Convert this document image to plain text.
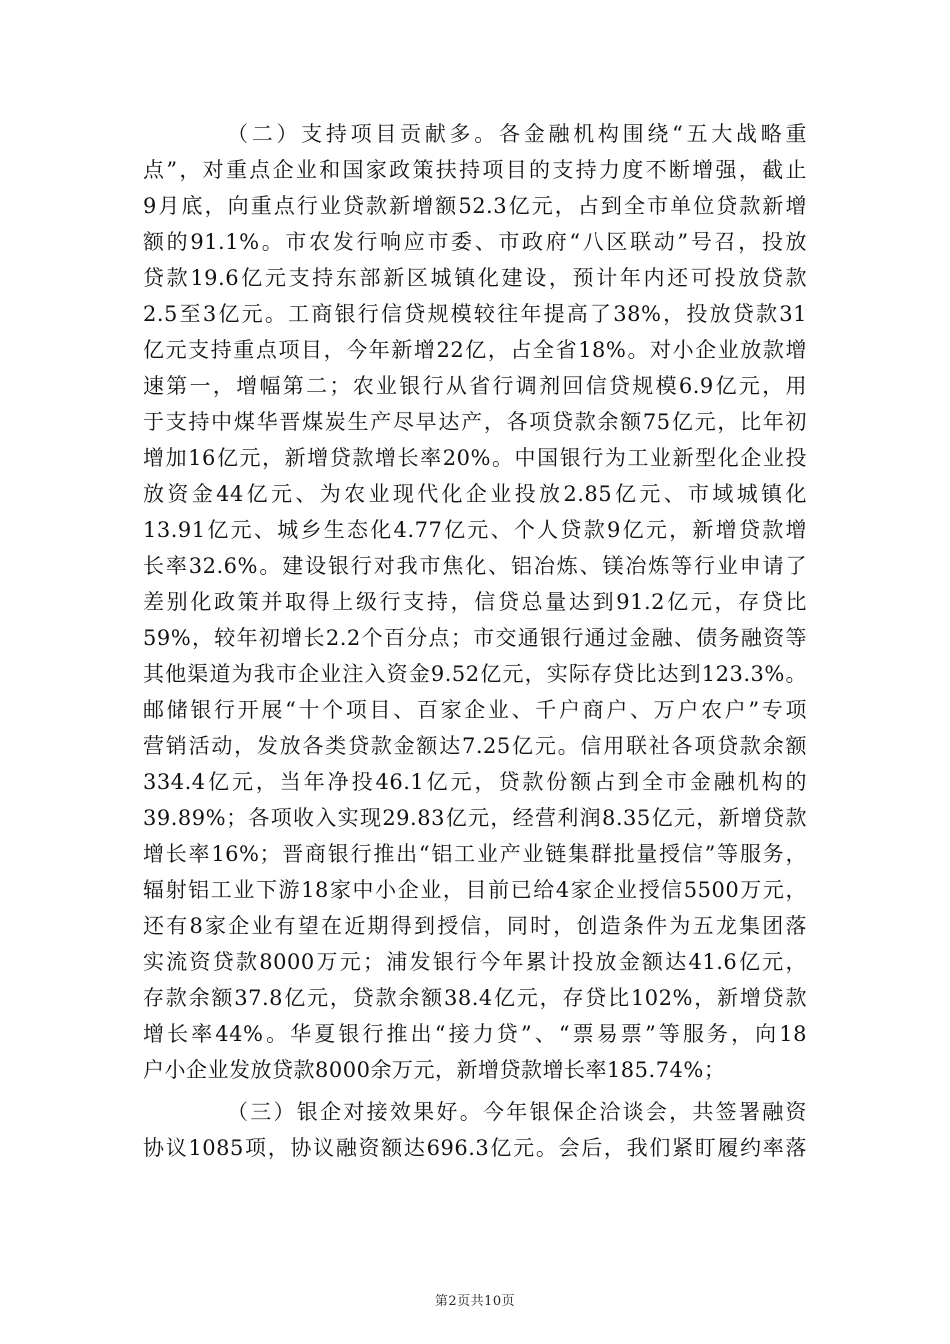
（二）支持项目贡献多。各金融机构围绕“五大战略重
点”，对重点企业和国家政策扶持项目的支持力度不断增强，截止
9月底，向重点行业贷款新增额52.3亿元，占到全市单位贷款新增
额的91.1%。市农发行响应市委、市政府“八区联动”号召，投放
贷款19.6亿元支持东部新区城镇化建设，预计年内还可投放贷款
2.5至3亿元。工商银行信贷规模较往年提高了38%，投放贷款31
亿元支持重点项目，今年新增22亿，占全省18%。对小企业放款增
速第一，增幅第二；农业银行从省行调剂回信贷规模6.9亿元，用
于支持中煤华晋煤炭生产尽早达产，各项贷款余额75亿元，比年初
增加16亿元，新增贷款增长率20%。中国银行为工业新型化企业投
放资金44亿元、为农业现代化企业投放2.85亿元、市域城镇化
13.91亿元、城乡生态化4.77亿元、个人贷款9亿元，新增贷款增
长率32.6%。建设银行对我市焦化、铝冶炼、镁冶炼等行业申请了
差别化政策并取得上级行支持，信贷总量达到91.2亿元，存贷比
59%，较年初增长2.2个百分点；市交通银行通过金融、债务融资等
其他渠道为我市企业注入资金9.52亿元，实际存贷比达到123.3%。
邮储银行开展“十个项目、百家企业、千户商户、万户农户”专项
营销活动，发放各类贷款金额达7.25亿元。信用联社各项贷款余额
334.4亿元，当年净投46.1亿元，贷款份额占到全市金融机构的
39.89%；各项收入实现29.83亿元，经营利润8.35亿元，新增贷款
增长率16%；晋商银行推出“铝工业产业链集群批量授信”等服务，
辐射铝工业下游18家中小企业，目前已给4家企业授信5500万元，
还有8家企业有望在近期得到授信，同时，创造条件为五龙集团落
实流资贷款8000万元；浦发银行今年累计投放金额达41.6亿元，
存款余额37.8亿元，贷款余额38.4亿元，存贷比102%，新增贷款
增长率44%。华夏银行推出“接力贷”、“票易票”等服务，向18
户小企业发放贷款8000余万元，新增贷款增长率185.74%；
（三）银企对接效果好。今年银保企洽谈会，共签署融资
协议1085项，协议融资额达696.3亿元。会后，我们紧盯履约率落
第2页共10页
